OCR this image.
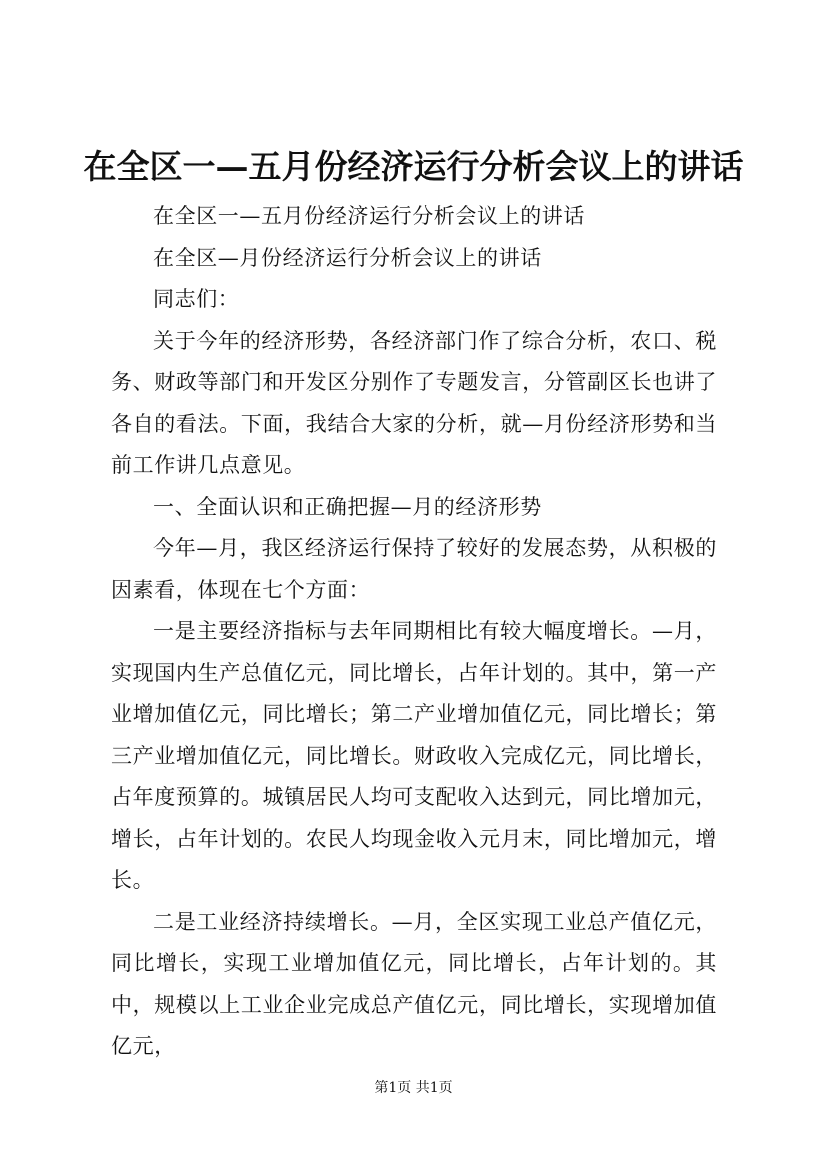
在全区一—五月份经济运行分析会议上的讲话

在全区一—五月份经济运行分析会议上的讲话

在全区—月份经济运行分析会议上的讲话

同志们：

关于今年的经济形势，各经济部门作了综合分析，农口、税务、财政等部门和开发区分别作了专题发言，分管副区长也讲了各自的看法。下面，我结合大家的分析，就—月份经济形势和当前工作讲几点意见。

一、全面认识和正确把握—月的经济形势

今年—月，我区经济运行保持了较好的发展态势，从积极的因素看，体现在七个方面：

一是主要经济指标与去年同期相比有较大幅度增长。—月，实现国内生产总值亿元，同比增长，占年计划的。其中，第一产业增加值亿元，同比增长；第二产业增加值亿元，同比增长；第三产业增加值亿元，同比增长。财政收入完成亿元，同比增长，占年度预算的。城镇居民人均可支配收入达到元，同比增加元，增长，占年计划的。农民人均现金收入元月末，同比增加元，增长。

二是工业经济持续增长。—月，全区实现工业总产值亿元，同比增长，实现工业增加值亿元，同比增长，占年计划的。其中，规模以上工业企业完成总产值亿元，同比增长，实现增加值亿元，

第1页 共1页
